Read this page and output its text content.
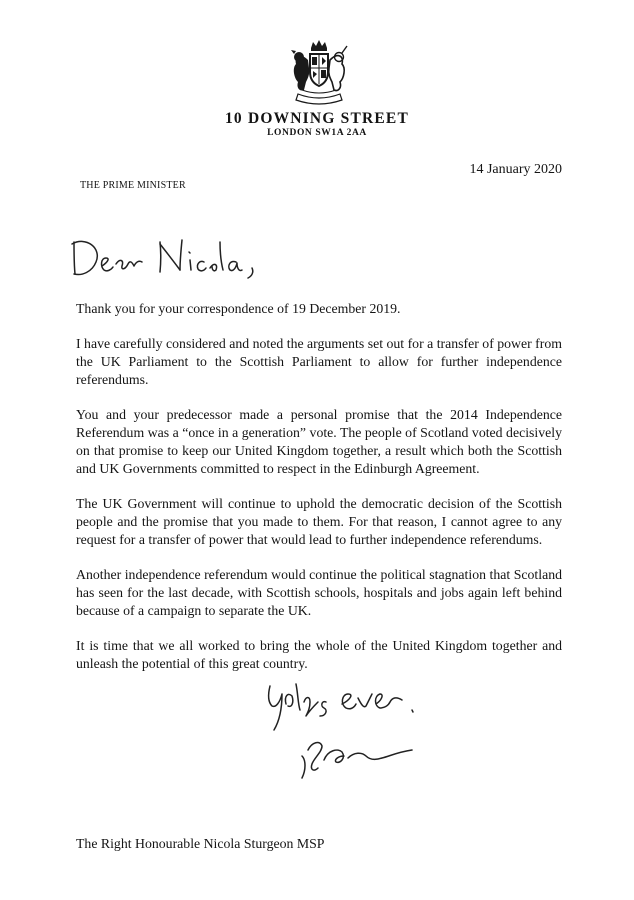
10 DOWNING STREET
LONDON SW1A 2AA
14 January 2020
THE PRIME MINISTER

Thank you for your correspondence of 19 December 2019.

I have carefully considered and noted the arguments set out for a transfer of power from the UK Parliament to the Scottish Parliament to allow for further independence referendums.

You and your predecessor made a personal promise that the 2014 Independence Referendum was a “once in a generation” vote. The people of Scotland voted decisively on that promise to keep our United Kingdom together, a result which both the Scottish and UK Governments committed to respect in the Edinburgh Agreement.

The UK Government will continue to uphold the democratic decision of the Scottish people and the promise that you made to them. For that reason, I cannot agree to any request for a transfer of power that would lead to further independence referendums.

Another independence referendum would continue the political stagnation that Scotland has seen for the last decade, with Scottish schools, hospitals and jobs again left behind because of a campaign to separate the UK.

It is time that we all worked to bring the whole of the United Kingdom together and unleash the potential of this great country.

The Right Honourable Nicola Sturgeon MSP
